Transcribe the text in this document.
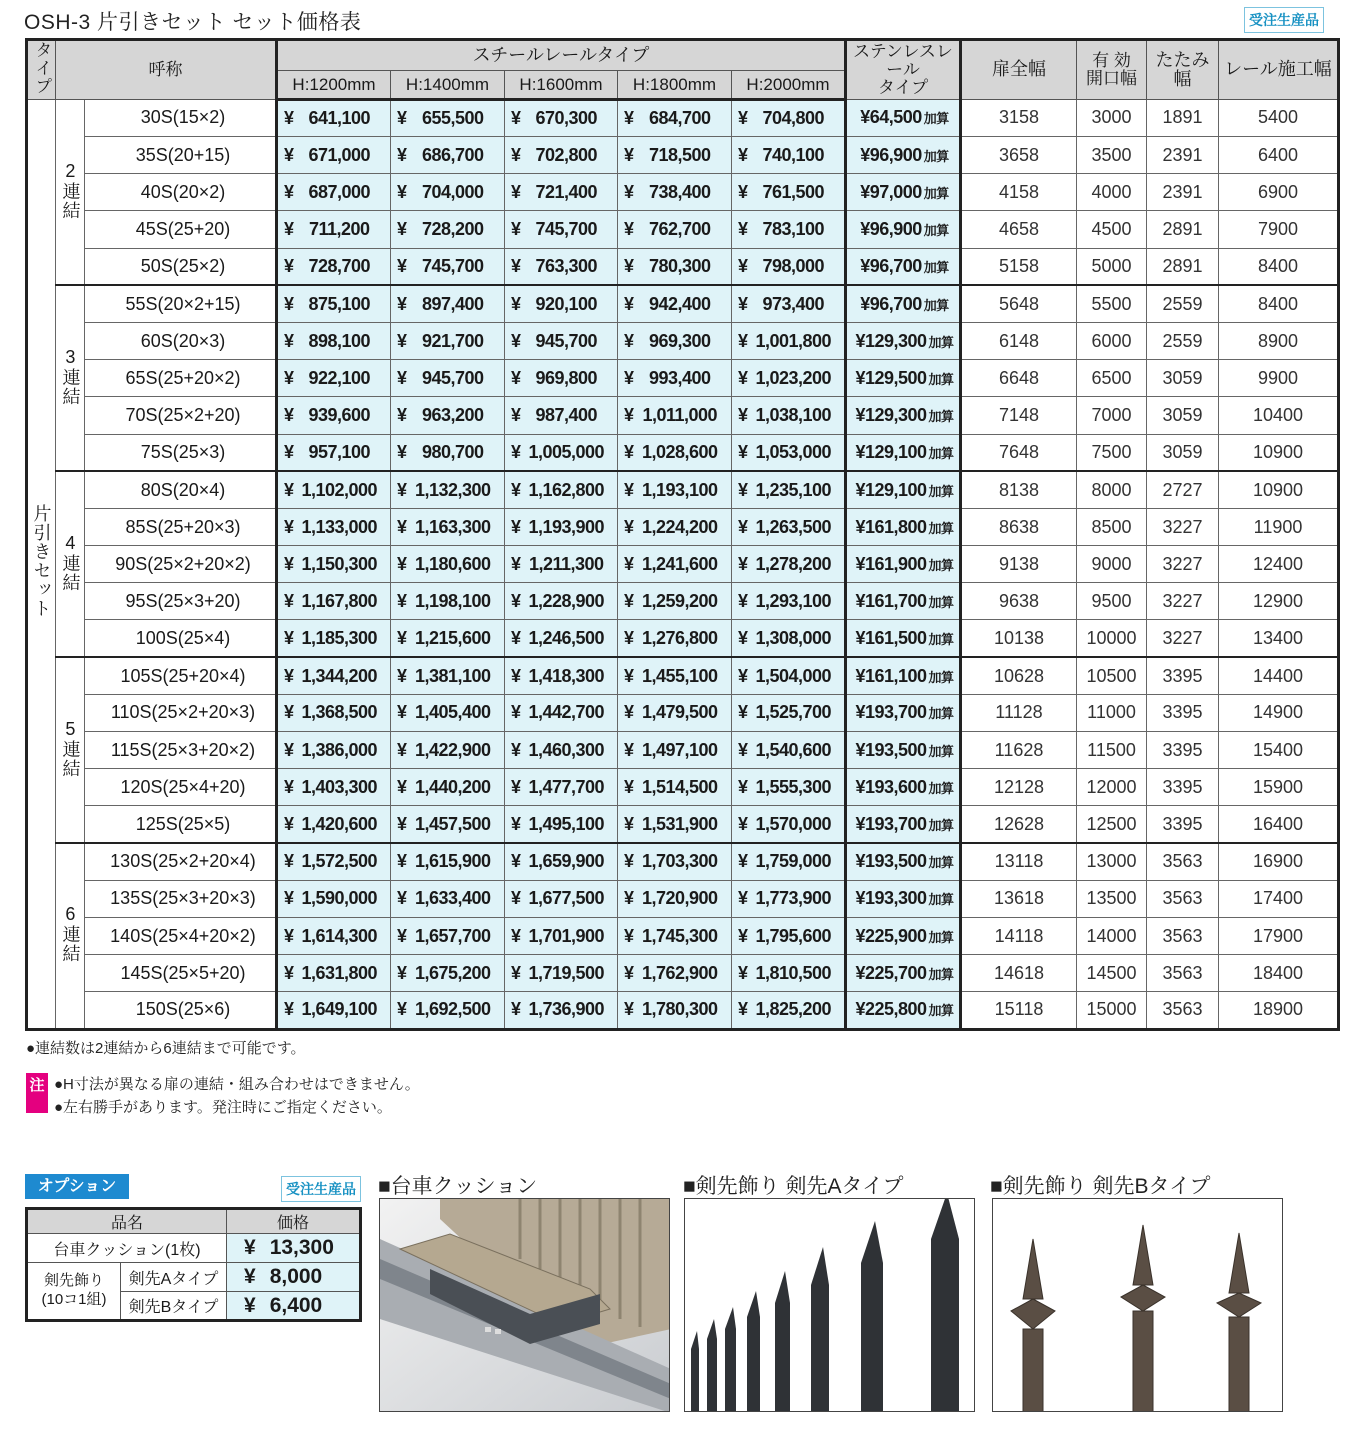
OSH-3 片引きセット セット価格表	受注生産品
タイプ	呼称		スチールレールタイプ					ステンレスレール
タイプ	扉全幅	有 効
開口幅	たたみ幅	レール施工幅
			H:1200mm	H:1400mm	H:1600mm	H:1800mm	H:2000mm					
片引きセット	2連結	30S(15×2)	¥ 641,100	¥ 655,500	¥ 670,300	¥ 684,700	¥ 704,800	¥64,500 加算	3158	3000	1891	5400
		35S(20+15)	¥ 671,000	¥ 686,700	¥ 702,800	¥ 718,500	¥ 740,100	¥96,900 加算	3658	3500	2391	6400
		40S(20×2)	¥ 687,000	¥ 704,000	¥ 721,400	¥ 738,400	¥ 761,500	¥97,000 加算	4158	4000	2391	6900
		45S(25+20)	¥ 711,200	¥ 728,200	¥ 745,700	¥ 762,700	¥ 783,100	¥96,900 加算	4658	4500	2891	7900
		50S(25×2)	¥ 728,700	¥ 745,700	¥ 763,300	¥ 780,300	¥ 798,000	¥96,700 加算	5158	5000	2891	8400
	3連結	55S(20×2+15)	¥ 875,100	¥ 897,400	¥ 920,100	¥ 942,400	¥ 973,400	¥96,700 加算	5648	5500	2559	8400
		60S(20×3)	¥ 898,100	¥ 921,700	¥ 945,700	¥ 969,300	¥ 1,001,800	¥129,300 加算	6148	6000	2559	8900
		65S(25+20×2)	¥ 922,100	¥ 945,700	¥ 969,800	¥ 993,400	¥ 1,023,200	¥129,500 加算	6648	6500	3059	9900
		70S(25×2+20)	¥ 939,600	¥ 963,200	¥ 987,400	¥ 1,011,000	¥ 1,038,100	¥129,300 加算	7148	7000	3059	10400
		75S(25×3)	¥ 957,100	¥ 980,700	¥ 1,005,000	¥ 1,028,600	¥ 1,053,000	¥129,100 加算	7648	7500	3059	10900
	4連結	80S(20×4)	¥ 1,102,000	¥ 1,132,300	¥ 1,162,800	¥ 1,193,100	¥ 1,235,100	¥129,100 加算	8138	8000	2727	10900
		85S(25+20×3)	¥ 1,133,000	¥ 1,163,300	¥ 1,193,900	¥ 1,224,200	¥ 1,263,500	¥161,800 加算	8638	8500	3227	11900
		90S(25×2+20×2)	¥ 1,150,300	¥ 1,180,600	¥ 1,211,300	¥ 1,241,600	¥ 1,278,200	¥161,900 加算	9138	9000	3227	12400
		95S(25×3+20)	¥ 1,167,800	¥ 1,198,100	¥ 1,228,900	¥ 1,259,200	¥ 1,293,100	¥161,700 加算	9638	9500	3227	12900
		100S(25×4)	¥ 1,185,300	¥ 1,215,600	¥ 1,246,500	¥ 1,276,800	¥ 1,308,000	¥161,500 加算	10138	10000	3227	13400
	5連結	105S(25+20×4)	¥ 1,344,200	¥ 1,381,100	¥ 1,418,300	¥ 1,455,100	¥ 1,504,000	¥161,100 加算	10628	10500	3395	14400
		110S(25×2+20×3)	¥ 1,368,500	¥ 1,405,400	¥ 1,442,700	¥ 1,479,500	¥ 1,525,700	¥193,700 加算	11128	11000	3395	14900
		115S(25×3+20×2)	¥ 1,386,000	¥ 1,422,900	¥ 1,460,300	¥ 1,497,100	¥ 1,540,600	¥193,500 加算	11628	11500	3395	15400
		120S(25×4+20)	¥ 1,403,300	¥ 1,440,200	¥ 1,477,700	¥ 1,514,500	¥ 1,555,300	¥193,600 加算	12128	12000	3395	15900
		125S(25×5)	¥ 1,420,600	¥ 1,457,500	¥ 1,495,100	¥ 1,531,900	¥ 1,570,000	¥193,700 加算	12628	12500	3395	16400
	6連結	130S(25×2+20×4)	¥ 1,572,500	¥ 1,615,900	¥ 1,659,900	¥ 1,703,300	¥ 1,759,000	¥193,500 加算	13118	13000	3563	16900
		135S(25×3+20×3)	¥ 1,590,000	¥ 1,633,400	¥ 1,677,500	¥ 1,720,900	¥ 1,773,900	¥193,300 加算	13618	13500	3563	17400
		140S(25×4+20×2)	¥ 1,614,300	¥ 1,657,700	¥ 1,701,900	¥ 1,745,300	¥ 1,795,600	¥225,900 加算	14118	14000	3563	17900
		145S(25×5+20)	¥ 1,631,800	¥ 1,675,200	¥ 1,719,500	¥ 1,762,900	¥ 1,810,500	¥225,700 加算	14618	14500	3563	18400
		150S(25×6)	¥ 1,649,100	¥ 1,692,500	¥ 1,736,900	¥ 1,780,300	¥ 1,825,200	¥225,800 加算	15118	15000	3563	18900
●連結数は2連結から6連結まで可能です。
注 ●H寸法が異なる扉の連結・組み合わせはできません。
●左右勝手があります。発注時にご指定ください。
オプション	受注生産品
品名		価格
台車クッション(1枚)		¥ 13,300
剣先飾り
(10コ1組)	剣先Aタイプ	¥ 8,000
	剣先Bタイプ	¥ 6,400
■台車クッション	■剣先飾り 剣先Aタイプ	■剣先飾り 剣先Bタイプ
